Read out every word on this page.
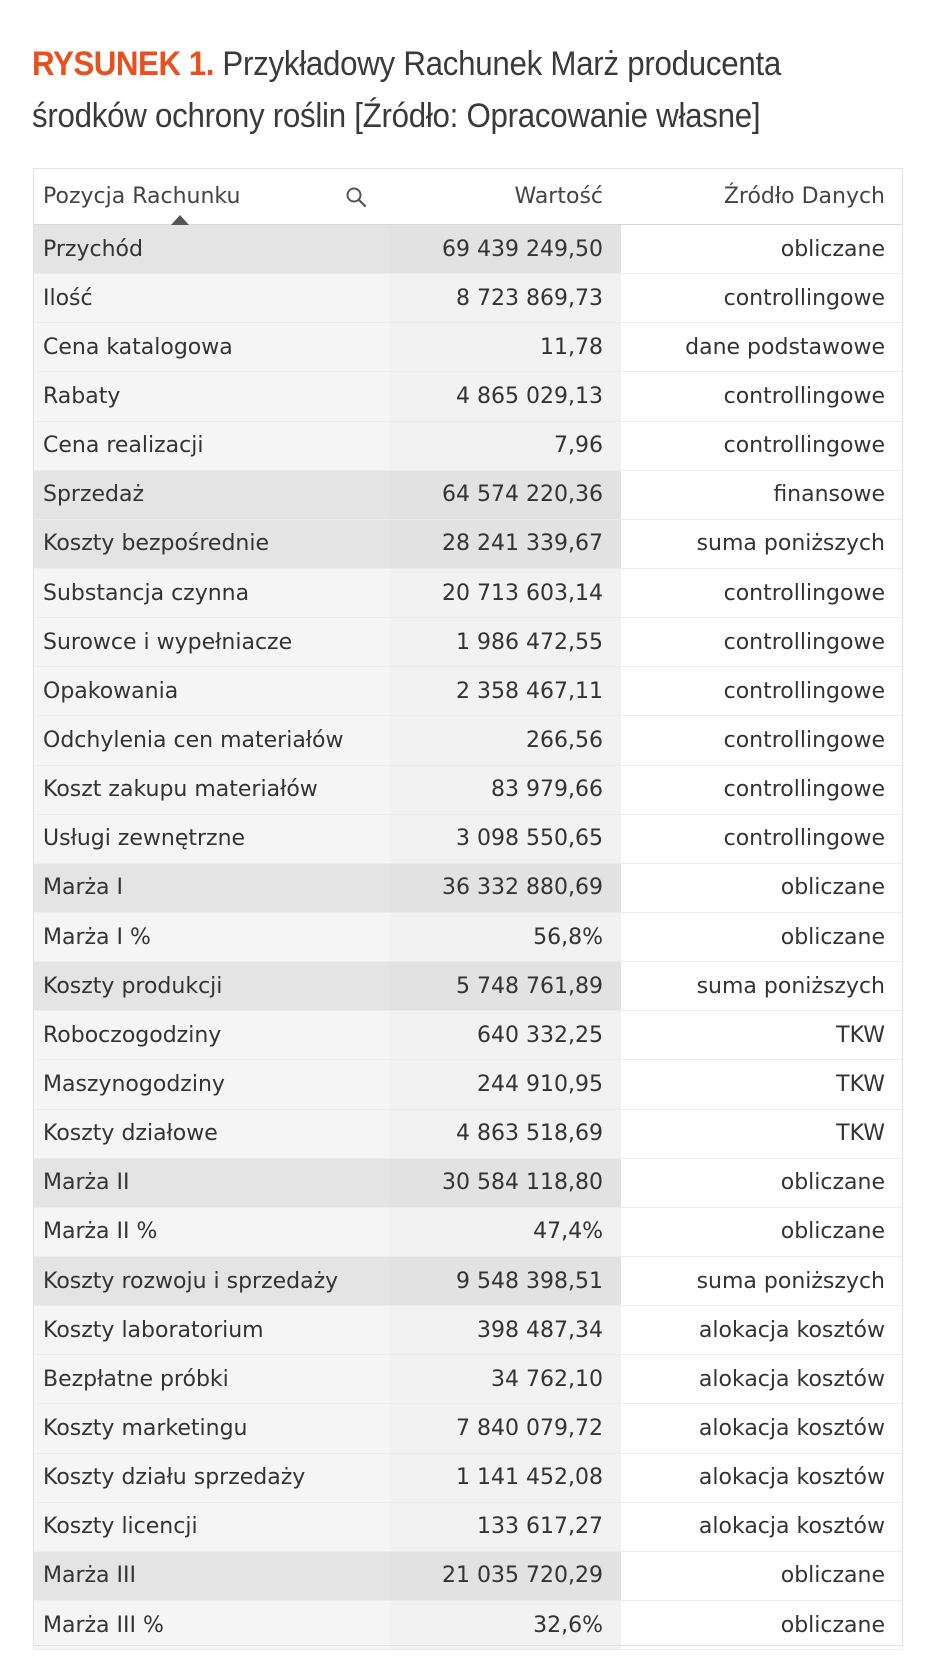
RYSUNEK 1. Przykładowy Rachunek Marż producenta środków ochrony roślin [Źródło: Opracowanie własne]
Pozycja Rachunku	Wartość	Źródło Danych
Przychód	69 439 249,50	obliczane
Ilość	8 723 869,73	controllingowe
Cena katalogowa	11,78	dane podstawowe
Rabaty	4 865 029,13	controllingowe
Cena realizacji	7,96	controllingowe
Sprzedaż	64 574 220,36	finansowe
Koszty bezpośrednie	28 241 339,67	suma poniższych
Substancja czynna	20 713 603,14	controllingowe
Surowce i wypełniacze	1 986 472,55	controllingowe
Opakowania	2 358 467,11	controllingowe
Odchylenia cen materiałów	266,56	controllingowe
Koszt zakupu materiałów	83 979,66	controllingowe
Usługi zewnętrzne	3 098 550,65	controllingowe
Marża I	36 332 880,69	obliczane
Marża I %	56,8%	obliczane
Koszty produkcji	5 748 761,89	suma poniższych
Roboczogodziny	640 332,25	TKW
Maszynogodziny	244 910,95	TKW
Koszty działowe	4 863 518,69	TKW
Marża II	30 584 118,80	obliczane
Marża II %	47,4%	obliczane
Koszty rozwoju i sprzedaży	9 548 398,51	suma poniższych
Koszty laboratorium	398 487,34	alokacja kosztów
Bezpłatne próbki	34 762,10	alokacja kosztów
Koszty marketingu	7 840 079,72	alokacja kosztów
Koszty działu sprzedaży	1 141 452,08	alokacja kosztów
Koszty licencji	133 617,27	alokacja kosztów
Marża III	21 035 720,29	obliczane
Marża III %	32,6%	obliczane
